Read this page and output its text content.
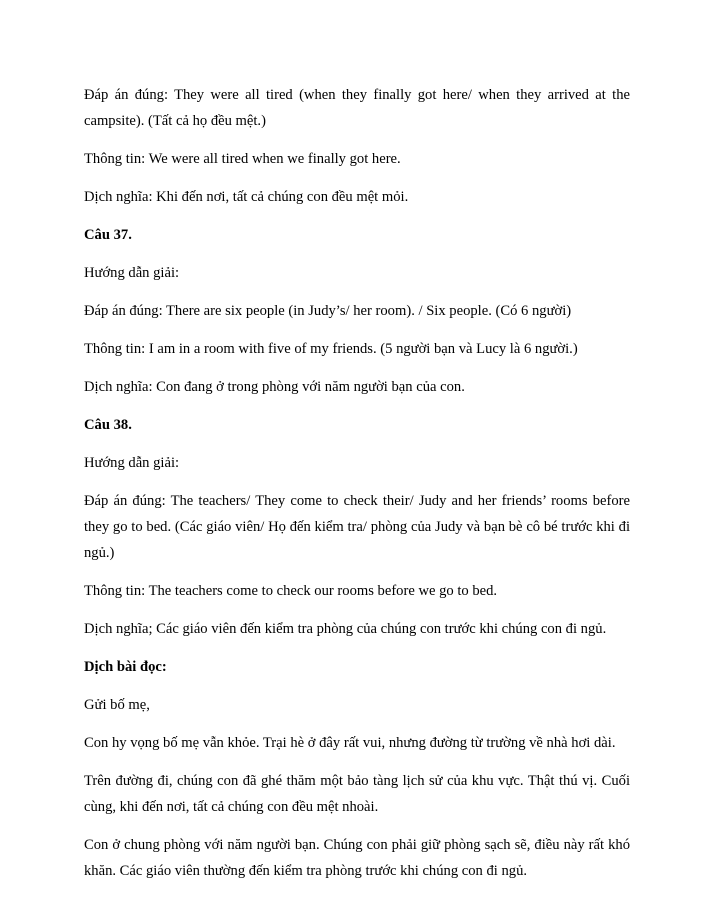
Đáp án đúng: They were all tired (when they finally got here/ when they arrived at the campsite). (Tất cả họ đều mệt.)

Thông tin: We were all tired when we finally got here.

Dịch nghĩa: Khi đến nơi, tất cả chúng con đều mệt mỏi.

Câu 37.

Hướng dẫn giải:

Đáp án đúng: There are six people (in Judy’s/ her room). / Six people. (Có 6 người)

Thông tin: I am in a room with five of my friends. (5 người bạn và Lucy là 6 người.)

Dịch nghĩa: Con đang ở trong phòng với năm người bạn của con.

Câu 38.

Hướng dẫn giải:

Đáp án đúng: The teachers/ They come to check their/ Judy and her friends’ rooms before they go to bed. (Các giáo viên/ Họ đến kiểm tra/ phòng của Judy và bạn bè cô bé trước khi đi ngủ.)

Thông tin: The teachers come to check our rooms before we go to bed.

Dịch nghĩa; Các giáo viên đến kiểm tra phòng của chúng con trước khi chúng con đi ngủ.

Dịch bài đọc:

Gửi bố mẹ,

Con hy vọng bố mẹ vẫn khỏe. Trại hè ở đây rất vui, nhưng đường từ trường về nhà hơi dài.

Trên đường đi, chúng con đã ghé thăm một bảo tàng lịch sử của khu vực. Thật thú vị. Cuối cùng, khi đến nơi, tất cả chúng con đều mệt nhoài.

Con ở chung phòng với năm người bạn. Chúng con phải giữ phòng sạch sẽ, điều này rất khó khăn. Các giáo viên thường đến kiểm tra phòng trước khi chúng con đi ngủ.
